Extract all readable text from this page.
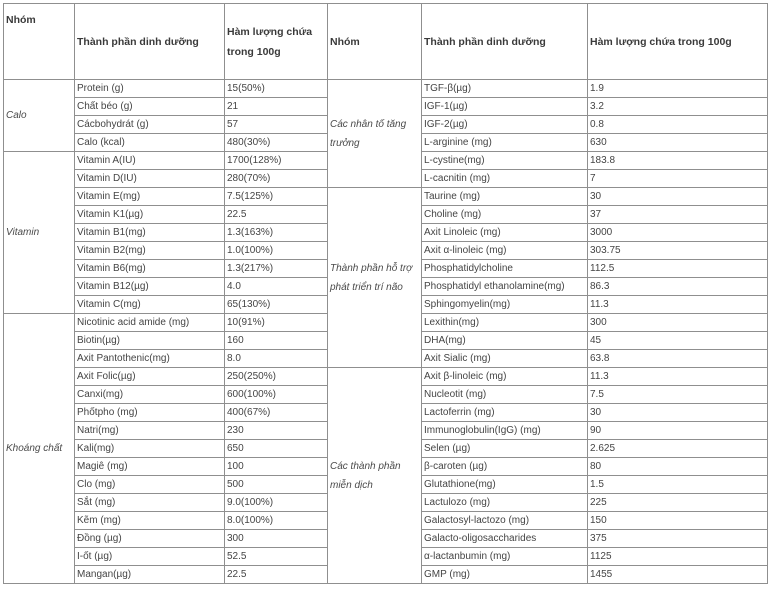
Nhóm	Thành phần dinh dưỡng	Hàm lượng chứa trong 100g	Nhóm	Thành phần dinh dưỡng	Hàm lượng chứa trong 100g
Calo	Protein (g)	15(50%)	Các nhân tố tăng trưởng	TGF-β(µg)	1.9
	Chất béo (g)	21		IGF-1(µg)	3.2
	Cácbohydrát (g)	57		IGF-2(µg)	0.8
	Calo (kcal)	480(30%)		L-arginine (mg)	630
Vitamin	Vitamin A(IU)	1700(128%)		L-cystine(mg)	183.8
	Vitamin D(IU)	280(70%)		L-cacnitin (mg)	7
	Vitamin E(mg)	7.5(125%)	Thành phần hỗ trợ phát triển trí não	Taurine (mg)	30
	Vitamin K1(µg)	22.5		Choline (mg)	37
	Vitamin B1(mg)	1.3(163%)		Axit Linoleic (mg)	3000
	Vitamin B2(mg)	1.0(100%)		Axit α-linoleic (mg)	303.75
	Vitamin B6(mg)	1.3(217%)		Phosphatidylcholine	112.5
	Vitamin B12(µg)	4.0		Phosphatidyl ethanolamine(mg)	86.3
	Vitamin C(mg)	65(130%)		Sphingomyelin(mg)	11.3
Khoáng chất	Nicotinic acid amide (mg)	10(91%)		Lexithin(mg)	300
	Biotin(µg)	160		DHA(mg)	45
	Axit Pantothenic(mg)	8.0		Axit Sialic (mg)	63.8
	Axit Folic(µg)	250(250%)	Các thành phần miễn dịch	Axit β-linoleic (mg)	11.3
	Canxi(mg)	600(100%)		Nucleotit (mg)	7.5
	Phốtpho (mg)	400(67%)		Lactoferrin (mg)	30
	Natri(mg)	230		Immunoglobulin(IgG) (mg)	90
	Kali(mg)	650		Selen (µg)	2.625
	Magiê (mg)	100		β-caroten (µg)	80
	Clo (mg)	500		Glutathione(mg)	1.5
	Sắt (mg)	9.0(100%)		Lactulozo (mg)	225
	Kẽm (mg)	8.0(100%)		Galactosyl-lactozo (mg)	150
	Đồng (µg)	300		Galacto-oligosaccharides	375
	I-ốt (µg)	52.5		α-lactanbumin (mg)	1125
	Mangan(µg)	22.5		GMP (mg)	1455
